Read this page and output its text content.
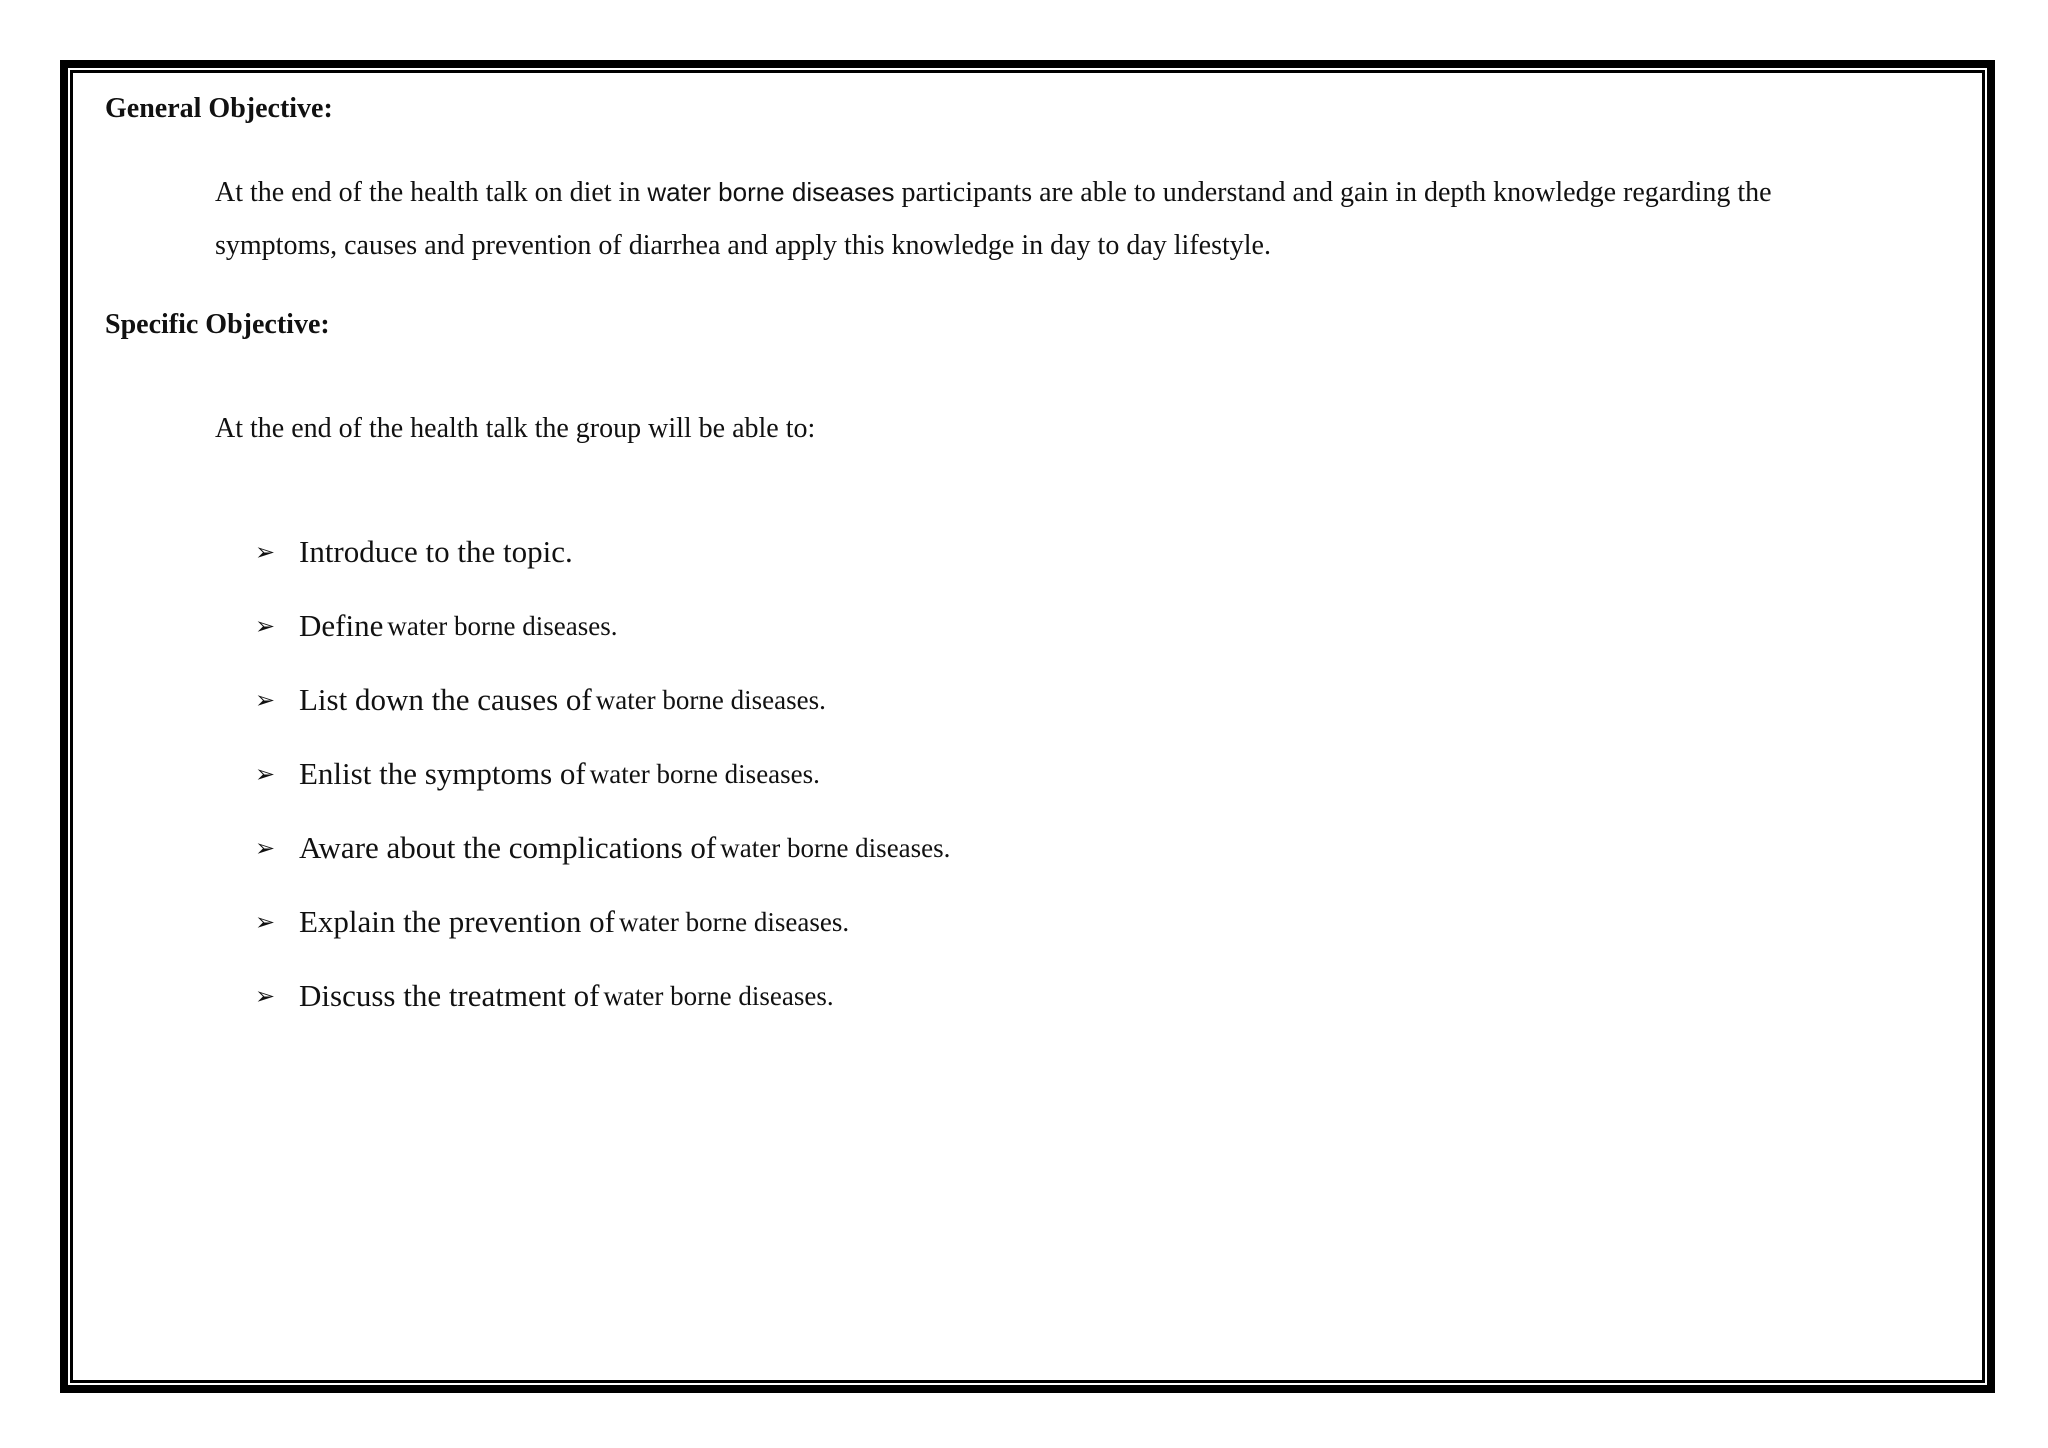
General Objective:

At the end of the health talk on diet in water borne diseases participants are able to understand and gain in depth knowledge regarding the symptoms, causes and prevention of diarrhea and apply this knowledge in day to day lifestyle.

Specific Objective:

At the end of the health talk the group will be able to:

➢ Introduce to the topic.
➢ Define
water borne diseases.
➢ List down the causes of
water borne diseases.
➢ Enlist the symptoms of
water borne diseases.
➢ Aware about the complications of
water borne diseases.
➢ Explain the prevention of
water borne diseases.
➢ Discuss the treatment of
water borne diseases.
